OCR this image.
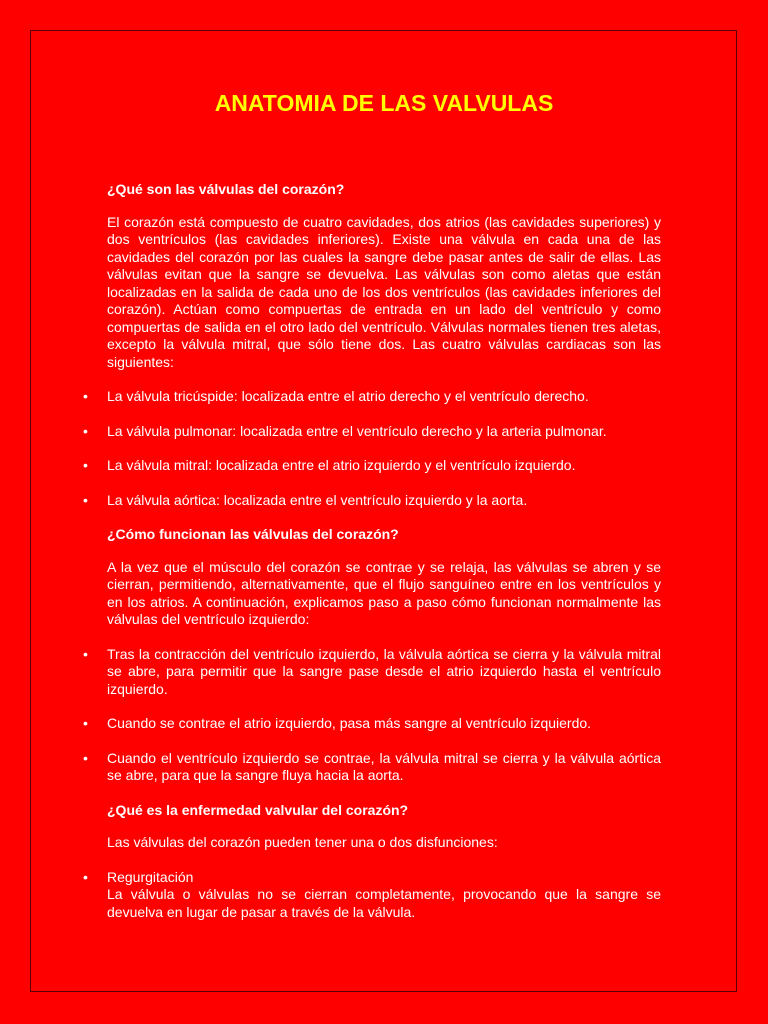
ANATOMIA DE LAS VALVULAS

¿Qué son las válvulas del corazón?

El corazón está compuesto de cuatro cavidades, dos atrios (las cavidades superiores) y dos ventrículos (las cavidades inferiores). Existe una válvula en cada una de las cavidades del corazón por las cuales la sangre debe pasar antes de salir de ellas. Las válvulas evitan que la sangre se devuelva. Las válvulas son como aletas que están localizadas en la salida de cada uno de los dos ventrículos (las cavidades inferiores del corazón). Actúan como compuertas de entrada en un lado del ventrículo y como compuertas de salida en el otro lado del ventrículo. Válvulas normales tienen tres aletas, excepto la válvula mitral, que sólo tiene dos. Las cuatro válvulas cardiacas son las siguientes:

• La válvula tricúspide: localizada entre el atrio derecho y el ventrículo derecho.
• La válvula pulmonar: localizada entre el ventrículo derecho y la arteria pulmonar.
• La válvula mitral: localizada entre el atrio izquierdo y el ventrículo izquierdo.
• La válvula aórtica: localizada entre el ventrículo izquierdo y la aorta.

¿Cómo funcionan las válvulas del corazón?

A la vez que el músculo del corazón se contrae y se relaja, las válvulas se abren y se cierran, permitiendo, alternativamente, que el flujo sanguíneo entre en los ventrículos y en los atrios. A continuación, explicamos paso a paso cómo funcionan normalmente las válvulas del ventrículo izquierdo:

• Tras la contracción del ventrículo izquierdo, la válvula aórtica se cierra y la válvula mitral se abre, para permitir que la sangre pase desde el atrio izquierdo hasta el ventrículo izquierdo.
• Cuando se contrae el atrio izquierdo, pasa más sangre al ventrículo izquierdo.
• Cuando el ventrículo izquierdo se contrae, la válvula mitral se cierra y la válvula aórtica se abre, para que la sangre fluya hacia la aorta.

¿Qué es la enfermedad valvular del corazón?

Las válvulas del corazón pueden tener una o dos disfunciones:

• Regurgitación
La válvula o válvulas no se cierran completamente, provocando que la sangre se devuelva en lugar de pasar a través de la válvula.
